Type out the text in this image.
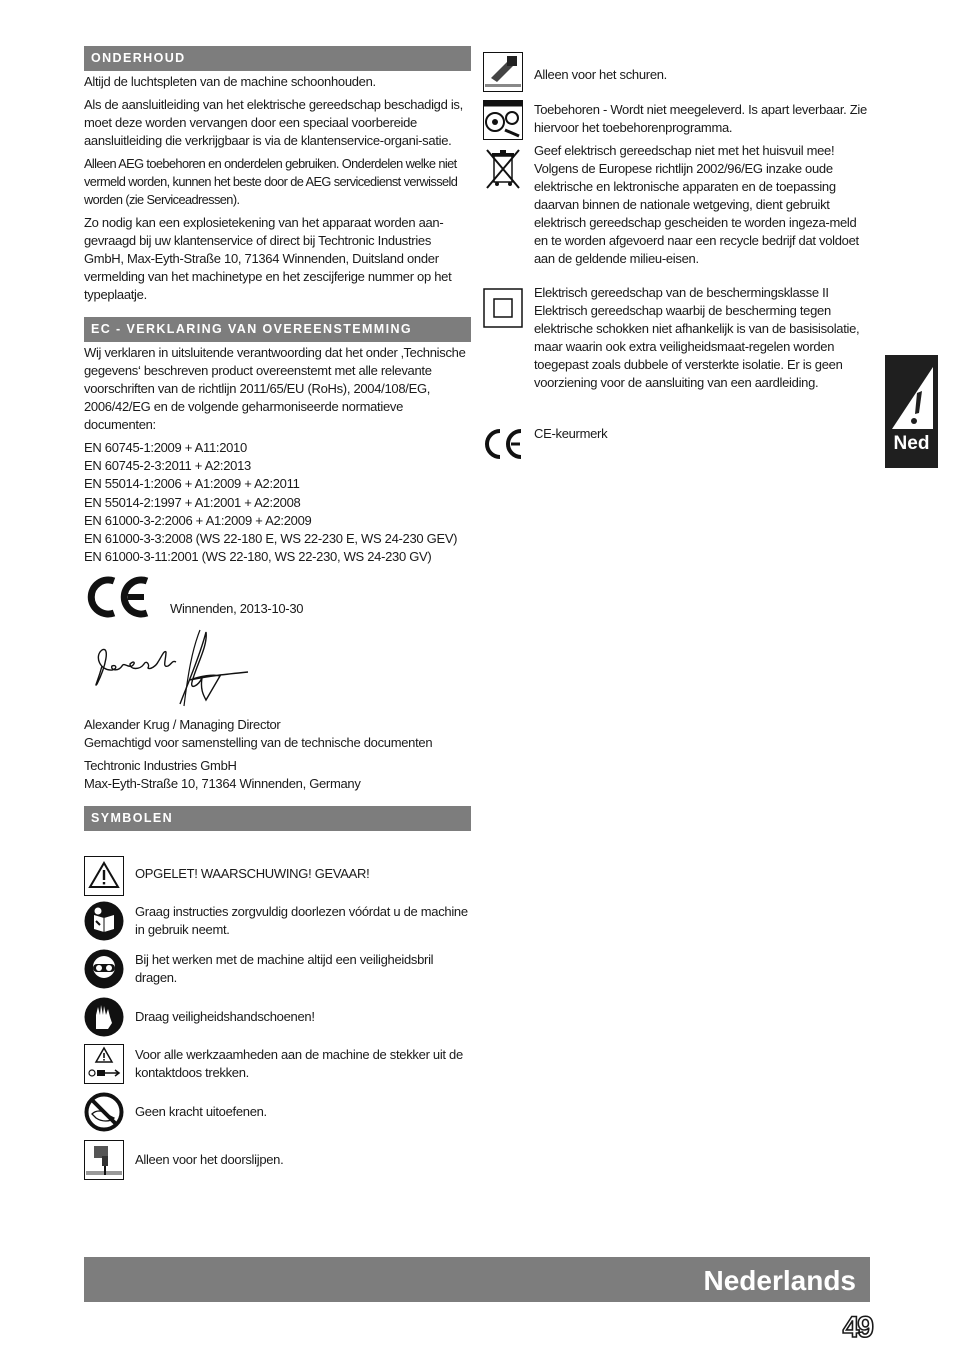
ONDERHOUD

Altijd de luchtspleten van de machine schoonhouden.

Als de aansluitleiding van het elektrische gereedschap beschadigd is, moet deze worden vervangen door een speciaal voorbereide aansluitleiding die verkrijgbaar is via de klantenservice-organi-satie.

Alleen AEG toebehoren en onderdelen gebruiken. Onderdelen welke niet vermeld worden, kunnen het beste door de AEG servicedienst verwisseld worden (zie Serviceadressen).

Zo nodig kan een explosietekening van het apparaat worden aan-gevraagd bij uw klantenservice of direct bij Techtronic Industries GmbH, Max-Eyth-Straße 10, 71364 Winnenden, Duitsland onder vermelding van het machinetype en het zescijferige nummer op het typeplaatje.

EC - VERKLARING VAN OVEREENSTEMMING

Wij verklaren in uitsluitende verantwoording dat het onder ‚Technische gegevens‘ beschreven product overeenstemt met alle relevante voorschriften van de richtlijn 2011/65/EU (RoHs), 2004/108/EG, 2006/42/EG en de volgende geharmoniseerde normatieve documenten:

EN 60745-1:2009 + A11:2010
EN 60745-2-3:2011 + A2:2013
EN 55014-1:2006 + A1:2009 + A2:2011
EN 55014-2:1997 + A1:2001 + A2:2008
EN 61000-3-2:2006 + A1:2009 + A2:2009
EN 61000-3-3:2008 (WS 22-180 E, WS 22-230 E, WS 24-230 GEV)
EN 61000-3-11:2001 (WS 22-180, WS 22-230, WS 24-230 GV)
Winnenden, 2013-10-30
Alexander Krug / Managing Director
Gemachtigd voor samenstelling van de technische documenten
Techtronic Industries GmbH
Max-Eyth-Straße 10, 71364 Winnenden, Germany
SYMBOLEN
OPGELET! WAARSCHUWING! GEVAAR!
Graag instructies zorgvuldig doorlezen vóórdat u de machine in gebruik neemt.
Bij het werken met de machine altijd een veiligheidsbril dragen.
Draag veiligheidshandschoenen!
Voor alle werkzaamheden aan de machine de stekker uit de kontaktdoos trekken.
Geen kracht uitoefenen.
Alleen voor het doorslijpen.
Alleen voor het schuren.
Toebehoren - Wordt niet meegeleverd. Is apart leverbaar. Zie hiervoor het toebehorenprogramma.
Geef elektrisch gereedschap niet met het huisvuil mee! Volgens de Europese richtlijn 2002/96/EG inzake oude elektrische en lektronische apparaten en de toepassing daarvan binnen de nationale wetgeving, dient gebruikt elektrisch gereedschap gescheiden te worden ingeza-meld en te worden afgevoerd naar een recycle bedrijf dat voldoet aan de geldende milieu-eisen.
Elektrisch gereedschap van de beschermingsklasse II Elektrisch gereedschap waarbij de bescherming tegen elektrische schokken niet afhankelijk is van de basisisolatie, maar waarin ook extra veiligheidsmaat-regelen worden toegepast zoals dubbele of versterkte isolatie. Er is geen voorziening voor de aansluiting van een aardleiding.
CE-keurmerk	Ned
Nederlands
49
